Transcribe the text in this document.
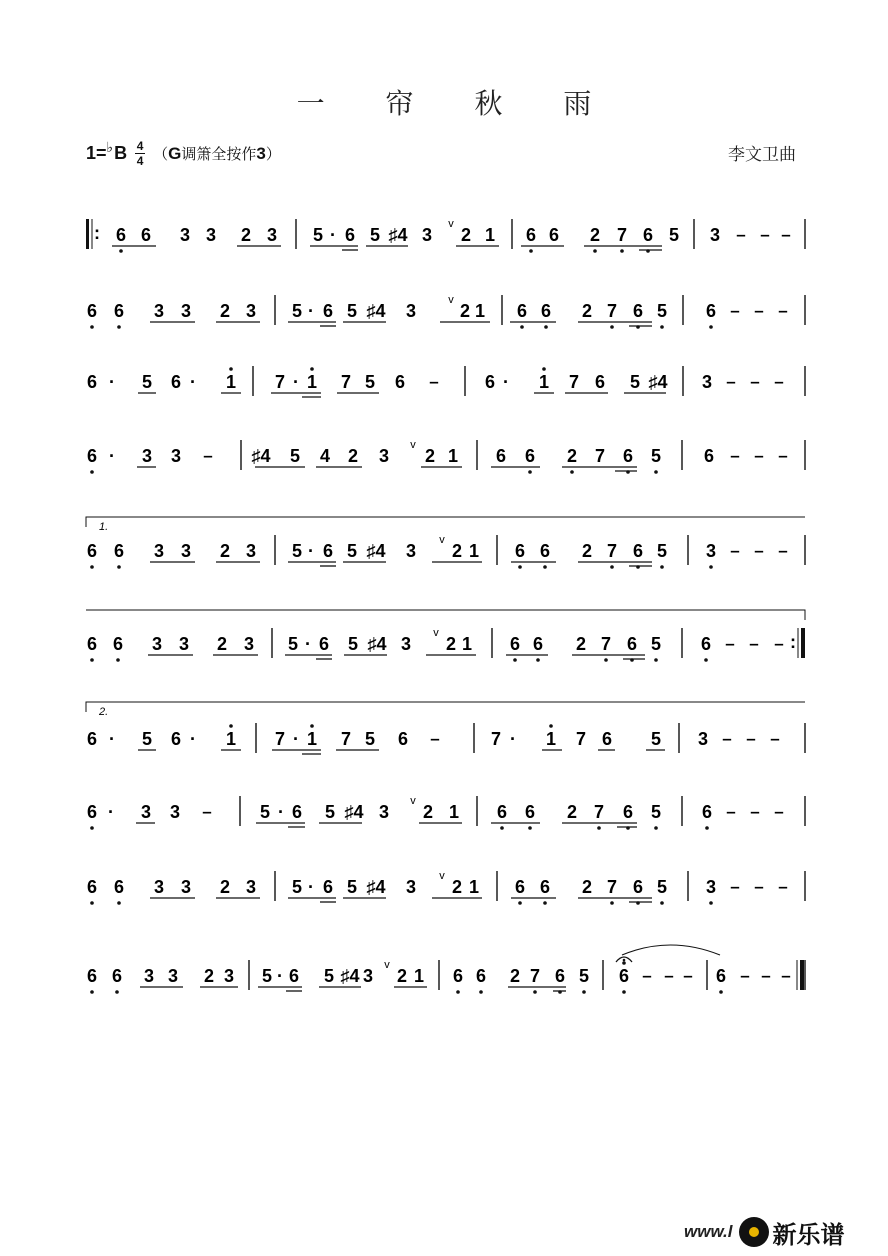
一 帘 秋 雨
1= ♭ B 4
4 （G调箫全按作3）	李文卫曲
: 6 6 3 3 2 3 5 · 6 5 ♯4 3
v
2 1 6 6 2 7 6 5 3 – – –
6 6 3 3 2 3 5 · 6 5 ♯4 3
v
2 1 6 6 2 7 6 5 6 – – –
6 · 5 6 · 1 7 · 1 7 5 6 –	6 · 1 7 6 5 ♯4 3 – – –
6 · 3 3 – ♯4 5 4 2 3
v
2 1 6 6 2 7 6 5 6 – – –
6 6 3 3 2 3 5 · 6 5 ♯4 3
v
2 1 6 6 2 7 6 5 3 – – –
6 6 3 3 2 3 5 · 6 5 ♯4 3
v
2 1 6 6 2 7 6 5 6 – – – :
6 · 5 6 · 1 7 · 1 7 5 6 –	7 · 1 7 6 5 3 – – –
6 · 3 3 –	5 · 6 5 ♯4 3
v
2 1 6 6 2 7 6 5 6 – – –
6 6 3 3 2 3 5 · 6 5 ♯4 3
v
2 1 6 6 2 7 6 5 3 – – –
6 6 3 3 2 3 5 · 6 5 ♯4 3
v
2 1 6 6 2 7 6 5 6 – – – 6 – – –
1.
2.
www.l 新乐谱
